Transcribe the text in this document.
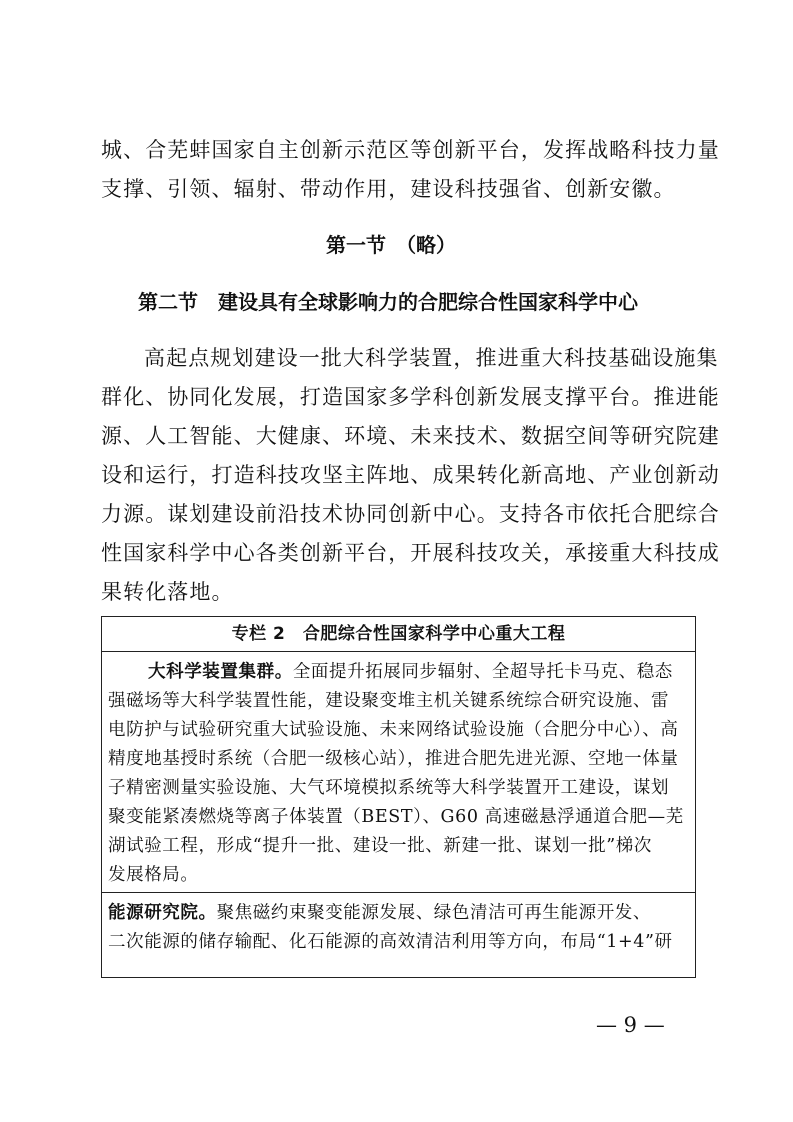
城、合芜蚌国家自主创新示范区等创新平台，发挥战略科技力量
支撑、引领、辐射、带动作用，建设科技强省、创新安徽。
第一节　（略）
第二节　建设具有全球影响力的合肥综合性国家科学中心
高起点规划建设一批大科学装置，推进重大科技基础设施集
群化、协同化发展，打造国家多学科创新发展支撑平台。推进能
源、人工智能、大健康、环境、未来技术、数据空间等研究院建
设和运行，打造科技攻坚主阵地、成果转化新高地、产业创新动
力源。谋划建设前沿技术协同创新中心。支持各市依托合肥综合
性国家科学中心各类创新平台，开展科技攻关，承接重大科技成
果转化落地。
专栏 2　合肥综合性国家科学中心重大工程
大科学装置集群。全面提升拓展同步辐射、全超导托卡马克、稳态
强磁场等大科学装置性能，建设聚变堆主机关键系统综合研究设施、雷
电防护与试验研究重大试验设施、未来网络试验设施（合肥分中心）、高
精度地基授时系统（合肥一级核心站），推进合肥先进光源、空地一体量
子精密测量实验设施、大气环境模拟系统等大科学装置开工建设，谋划
聚变能紧凑燃烧等离子体装置（BEST）、G60 高速磁悬浮通道合肥—芜
湖试验工程，形成“提升一批、建设一批、新建一批、谋划一批”梯次
发展格局。
能源研究院。聚焦磁约束聚变能源发展、绿色清洁可再生能源开发、
二次能源的储存输配、化石能源的高效清洁利用等方向，布局“1+4”研
— 9 —
